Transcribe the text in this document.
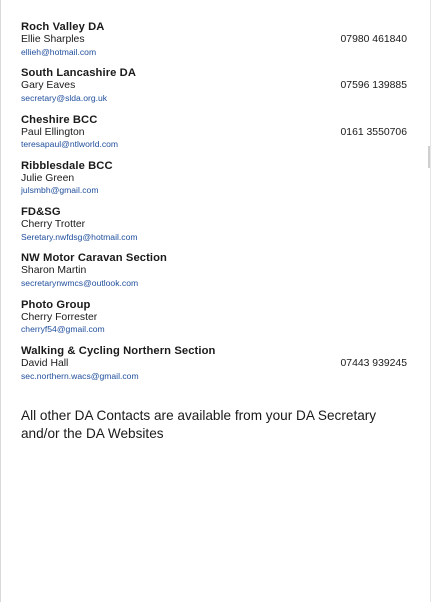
Roch Valley DA
Ellie Sharples
ellieh@hotmail.com
07980 461840
South Lancashire DA
Gary Eaves
secretary@slda.org.uk
07596 139885
Cheshire BCC
Paul Ellington
teresapaul@ntlworld.com
0161 3550706
Ribblesdale BCC
Julie Green
julsmbh@gmail.com
FD&SG
Cherry Trotter
Seretary.nwfdsg@hotmail.com
NW Motor Caravan Section
Sharon Martin
secretarynwmcs@outlook.com
Photo Group
Cherry Forrester
cherryf54@gmail.com
Walking & Cycling Northern Section
David Hall
sec.northern.wacs@gmail.com
07443 939245
All other DA Contacts are available from your DA Secretary and/or the DA Websites
